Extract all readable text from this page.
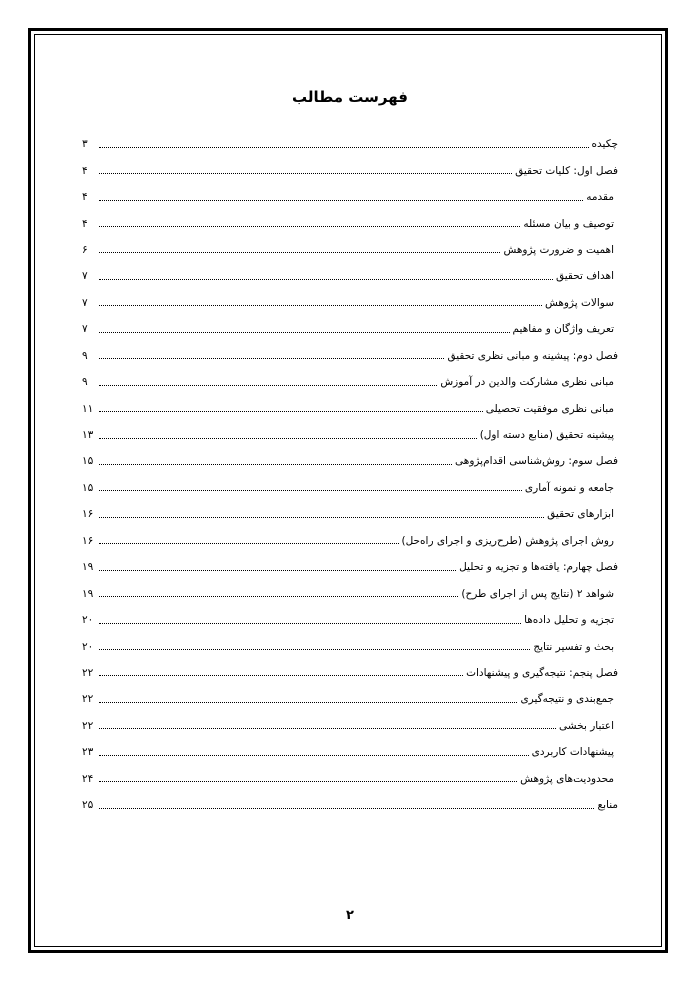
فهرست مطالب
چکیده
۳
فصل اول: کلیات تحقیق
۴
مقدمه
۴
توصیف و بیان مسئله
۴
اهمیت و ضرورت پژوهش
۶
اهداف تحقیق
۷
سوالات پژوهش
۷
تعریف واژگان و مفاهیم
۷
فصل دوم: پیشینه و مبانی نظری تحقیق
۹
مبانی نظری مشارکت والدین در آموزش
۹
مبانی نظری موفقیت تحصیلی
۱۱
پیشینه تحقیق (منابع دسته اول)
۱۳
فصل سوم: روش‌شناسی اقدام‌پژوهی
۱۵
جامعه و نمونه آماری
۱۵
ابزارهای تحقیق
۱۶
روش اجرای پژوهش (طرح‌ریزی و اجرای راه‌حل)
۱۶
فصل چهارم: یافته‌ها و تجزیه و تحلیل
۱۹
شواهد ۲ (نتایج پس از اجرای طرح)
۱۹
تجزیه و تحلیل داده‌ها
۲۰
بحث و تفسیر نتایج
۲۰
فصل پنجم: نتیجه‌گیری و پیشنهادات
۲۲
جمع‌بندی و نتیجه‌گیری
۲۲
اعتبار بخشی
۲۲
پیشنهادات کاربردی
۲۳
محدودیت‌های پژوهش
۲۴
منابع
۲۵
۲
